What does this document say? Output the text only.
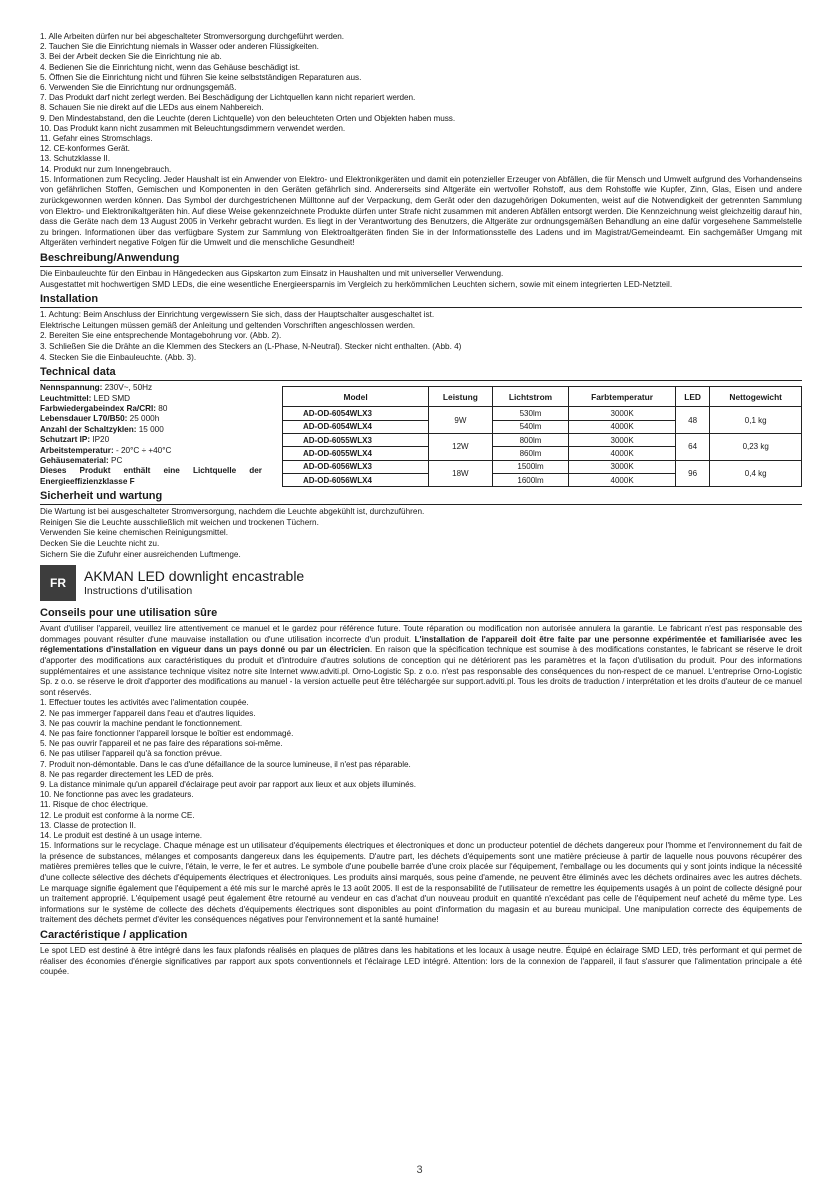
1. Alle Arbeiten dürfen nur bei abgeschalteter Stromversorgung durchgeführt werden.
2. Tauchen Sie die Einrichtung niemals in Wasser oder anderen Flüssigkeiten.
3. Bei der Arbeit decken Sie die Einrichtung nie ab.
4. Bedienen Sie die Einrichtung nicht, wenn das Gehäuse beschädigt ist.
5. Öffnen Sie die Einrichtung nicht und führen Sie keine selbstständigen Reparaturen aus.
6. Verwenden Sie die Einrichtung nur ordnungsgemäß.
7. Das Produkt darf nicht zerlegt werden. Bei Beschädigung der Lichtquellen kann nicht repariert werden.
8. Schauen Sie nie direkt auf die LEDs aus einem Nahbereich.
9. Den Mindestabstand, den die Leuchte (deren Lichtquelle) von den beleuchteten Orten und Objekten haben muss.
10. Das Produkt kann nicht zusammen mit Beleuchtungsdimmern verwendet werden.
11. Gefahr eines Stromschlags.
12. CE-konformes Gerät.
13. Schutzklasse II.
14. Produkt nur zum Innengebrauch.

15. Informationen zum Recycling. Jeder Haushalt ist ein Anwender von Elektro- und Elektronikgeräten und damit ein potenzieller Erzeuger von Abfällen, die für Mensch und Umwelt aufgrund des Vorhandenseins von gefährlichen Stoffen, Gemischen und Komponenten in den Geräten gefährlich sind. Andererseits sind Altgeräte ein wertvoller Rohstoff, aus dem Rohstoffe wie Kupfer, Zinn, Glas, Eisen und andere zurückgewonnen werden können. Das Symbol der durchgestrichenen Mülltonne auf der Verpackung, dem Gerät oder den dazugehörigen Dokumenten, weist auf die Notwendigkeit der getrennten Sammlung von Elektro- und Elektronikaltgeräten hin. Auf diese Weise gekennzeichnete Produkte dürfen unter Strafe nicht zusammen mit anderen Abfällen entsorgt werden. Die Kennzeichnung weist gleichzeitig darauf hin, dass die Geräte nach dem 13 August 2005 in Verkehr gebracht wurden. Es liegt in der Verantwortung des Benutzers, die Altgeräte zur ordnungsgemäßen Behandlung an eine dafür vorgesehene Sammelstelle zu bringen. Informationen über das verfügbare System zur Sammlung von Elektroaltgeräten finden Sie in der Informationsstelle des Ladens und im Magistrat/Gemeindeamt. Ein sachgemäßer Umgang mit Altgeräten verhindert negative Folgen für die Umwelt und die menschliche Gesundheit!

Beschreibung/Anwendung

Die Einbauleuchte für den Einbau in Hängedecken aus Gipskarton zum Einsatz in Haushalten und mit universeller Verwendung.

Ausgestattet mit hochwertigen SMD LEDs, die eine wesentliche Energieersparnis im Vergleich zu herkömmlichen Leuchten sichern, sowie mit einem integrierten LED-Netzteil.

Installation

1. Achtung: Beim Anschluss der Einrichtung vergewissern Sie sich, dass der Hauptschalter ausgeschaltet ist.

Elektrische Leitungen müssen gemäß der Anleitung und geltenden Vorschriften angeschlossen werden.

2. Bereiten Sie eine entsprechende Montagebohrung vor. (Abb. 2).

3. Schließen Sie die Drähte an die Klemmen des Steckers an (L-Phase, N-Neutral). Stecker nicht enthalten. (Abb. 4)

4. Stecken Sie die Einbauleuchte. (Abb. 3).

Technical data
Nennspannung: 230V~, 50Hz
Leuchtmittel: LED SMD
Farbwiedergabeindex Ra/CRI: 80
Lebensdauer L70/B50: 25 000h
Anzahl der Schaltzyklen: 15 000
Schutzart IP: IP20
Arbeitstemperatur: - 20°C ÷ +40°C
Gehäusematerial: PC
Dieses Produkt enthält eine Lichtquelle der Energieeffizienzklasse F
Model	Leistung	Lichtstrom	Farbtemperatur	LED	Nettogewicht
AD-OD-6054WLX3	9W	530lm	3000K	48	0,1 kg
AD-OD-6054WLX4		540lm	4000K		
AD-OD-6055WLX3	12W	800lm	3000K	64	0,23 kg
AD-OD-6055WLX4		860lm	4000K		
AD-OD-6056WLX3	18W	1500lm	3000K	96	0,4 kg
AD-OD-6056WLX4		1600lm	4000K		
Sicherheit und wartung

Die Wartung ist bei ausgeschalteter Stromversorgung, nachdem die Leuchte abgekühlt ist, durchzuführen.

Reinigen Sie die Leuchte ausschließlich mit weichen und trockenen Tüchern.

Verwenden Sie keine chemischen Reinigungsmittel.

Decken Sie die Leuchte nicht zu.

Sichern Sie die Zufuhr einer ausreichenden Luftmenge.

FR	AKMAN LED downlight encastrable
Instructions d'utilisation
Conseils pour une utilisation sûre

Avant d'utiliser l'appareil, veuillez lire attentivement ce manuel et le gardez pour référence future. Toute réparation ou modification non autorisée annulera la garantie. Le fabricant n'est pas responsable des dommages pouvant résulter d'une mauvaise installation ou d'une utilisation incorrecte d'un produit. L'installation de l'appareil doit être faite par une personne expérimentée et familiarisée avec les réglementations d'installation en vigueur dans un pays donné ou par un électricien. En raison que la spécification technique est soumise à des modifications constantes, le fabricant se réserve le droit d'apporter des modifications aux caractéristiques du produit et d'introduire d'autres solutions de conception qui ne détériorent pas les paramètres et la façon d'utilisation du produit. Pour des informations supplémentaires et une assistance technique visitez notre site Internet www.adviti.pl. Orno-Logistic Sp. z o.o. n'est pas responsable des conséquences du non-respect de ce manuel. L'entreprise Orno-Logistic Sp. z o.o. se réserve le droit d'apporter des modifications au manuel - la version actuelle peut être téléchargée sur support.adviti.pl. Tous les droits de traduction / interprétation et les droits d'auteur de ce manuel sont réservés.

1. Effectuer toutes les activités avec l'alimentation coupée.
2. Ne pas immerger l'appareil dans l'eau et d'autres liquides.
3. Ne pas couvrir la machine pendant le fonctionnement.
4. Ne pas faire fonctionner l'appareil lorsque le boîtier est endommagé.
5. Ne pas ouvrir l'appareil et ne pas faire des réparations soi-même.
6. Ne pas utiliser l'appareil qu'à sa fonction prévue.
7. Produit non-démontable. Dans le cas d'une défaillance de la source lumineuse, il n'est pas réparable.
8. Ne pas regarder directement les LED de près.
9. La distance minimale qu'un appareil d'éclairage peut avoir par rapport aux lieux et aux objets illuminés.
10. Ne fonctionne pas avec les gradateurs.
11. Risque de choc électrique.
12. Le produit est conforme à la norme CE.
13. Classe de protection II.
14. Le produit est destiné à un usage interne.

15. Informations sur le recyclage. Chaque ménage est un utilisateur d'équipements électriques et électroniques et donc un producteur potentiel de déchets dangereux pour l'homme et l'environnement du fait de la présence de substances, mélanges et composants dangereux dans les équipements. D'autre part, les déchets d'équipements sont une matière précieuse à partir de laquelle nous pouvons récupérer des matières premières telles que le cuivre, l'étain, le verre, le fer et autres. Le symbole d'une poubelle barrée d'une croix placée sur l'équipement, l'emballage ou les documents qui y sont joints indique la nécessité d'une collecte sélective des déchets d'équipements électriques et électroniques. Les produits ainsi marqués, sous peine d'amende, ne peuvent être éliminés avec les déchets ordinaires avec les autres déchets. Le marquage signifie également que l'équipement a été mis sur le marché après le 13 août 2005. Il est de la responsabilité de l'utilisateur de remettre les équipements usagés à un point de collecte désigné pour un traitement approprié. L'équipement usagé peut également être retourné au vendeur en cas d'achat d'un nouveau produit en quantité n'excédant pas celle de l'équipement neuf acheté du même type. Les informations sur le système de collecte des déchets d'équipements électriques sont disponibles au point d'information du magasin et au bureau municipal. Une manipulation correcte des équipements de traitement des déchets permet d'éviter les conséquences négatives pour l'environnement et la santé humaine!

Caractéristique / application

Le spot LED est destiné à être intégré dans les faux plafonds réalisés en plaques de plâtres dans les habitations et les locaux à usage neutre. Équipé en éclairage SMD LED, très performant et qui permet de réaliser des économies d'énergie significatives par rapport aux spots conventionnels et l'éclairage LED intégré. Attention: lors de la connexion de l'appareil, il faut s'assurer que l'alimentation principale a été coupée.

3
